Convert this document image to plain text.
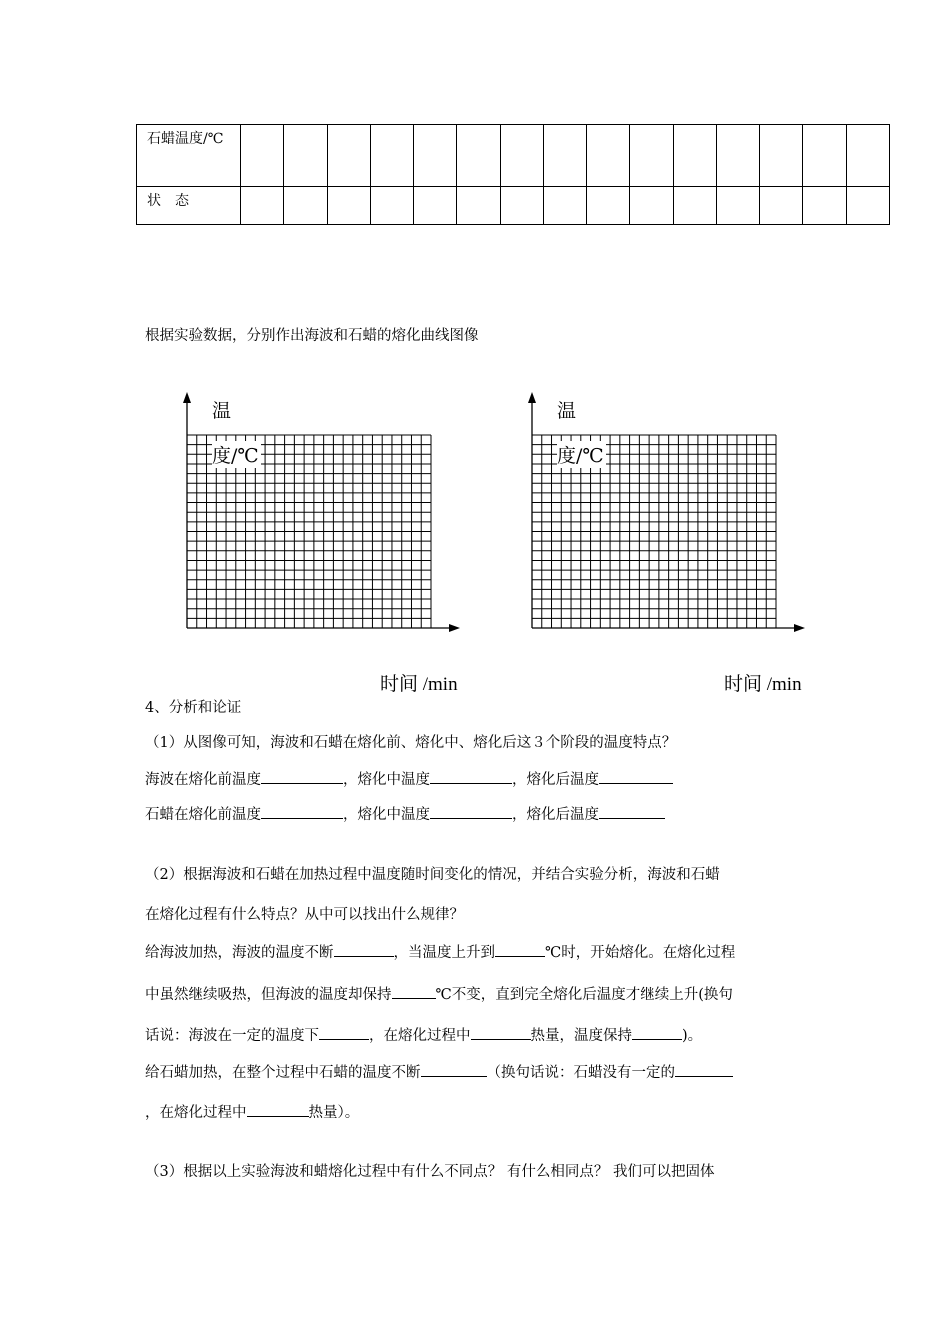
石蜡温度/℃															
状　态															
根据实验数据，分别作出海波和石蜡的熔化曲线图像
温
度/℃
时间 /min
温
度/℃
时间 /min
4、分析和论证
（1）从图像可知，海波和石蜡在熔化前、熔化中、熔化后这３个阶段的温度特点？
海波在熔化前温度	，熔化中温度	，熔化后温度
石蜡在熔化前温度	，熔化中温度	，熔化后温度
（2）根据海波和石蜡在加热过程中温度随时间变化的情况，并结合实验分析，海波和石蜡
在熔化过程有什么特点？从中可以找出什么规律？
给海波加热，海波的温度不断	，当温度上升到	℃时，开始熔化。在熔化过程
中虽然继续吸热，但海波的温度却保持	℃不变，直到完全熔化后温度才继续上升(换句
话说：海波在一定的温度下	，在熔化过程中	热量，温度保持	)。
给石蜡加热，在整个过程中石蜡的温度不断	（换句话说：石蜡没有一定的
，在熔化过程中	热量）。
（3）根据以上实验海波和蜡熔化过程中有什么不同点？ 有什么相同点？ 我们可以把固体
